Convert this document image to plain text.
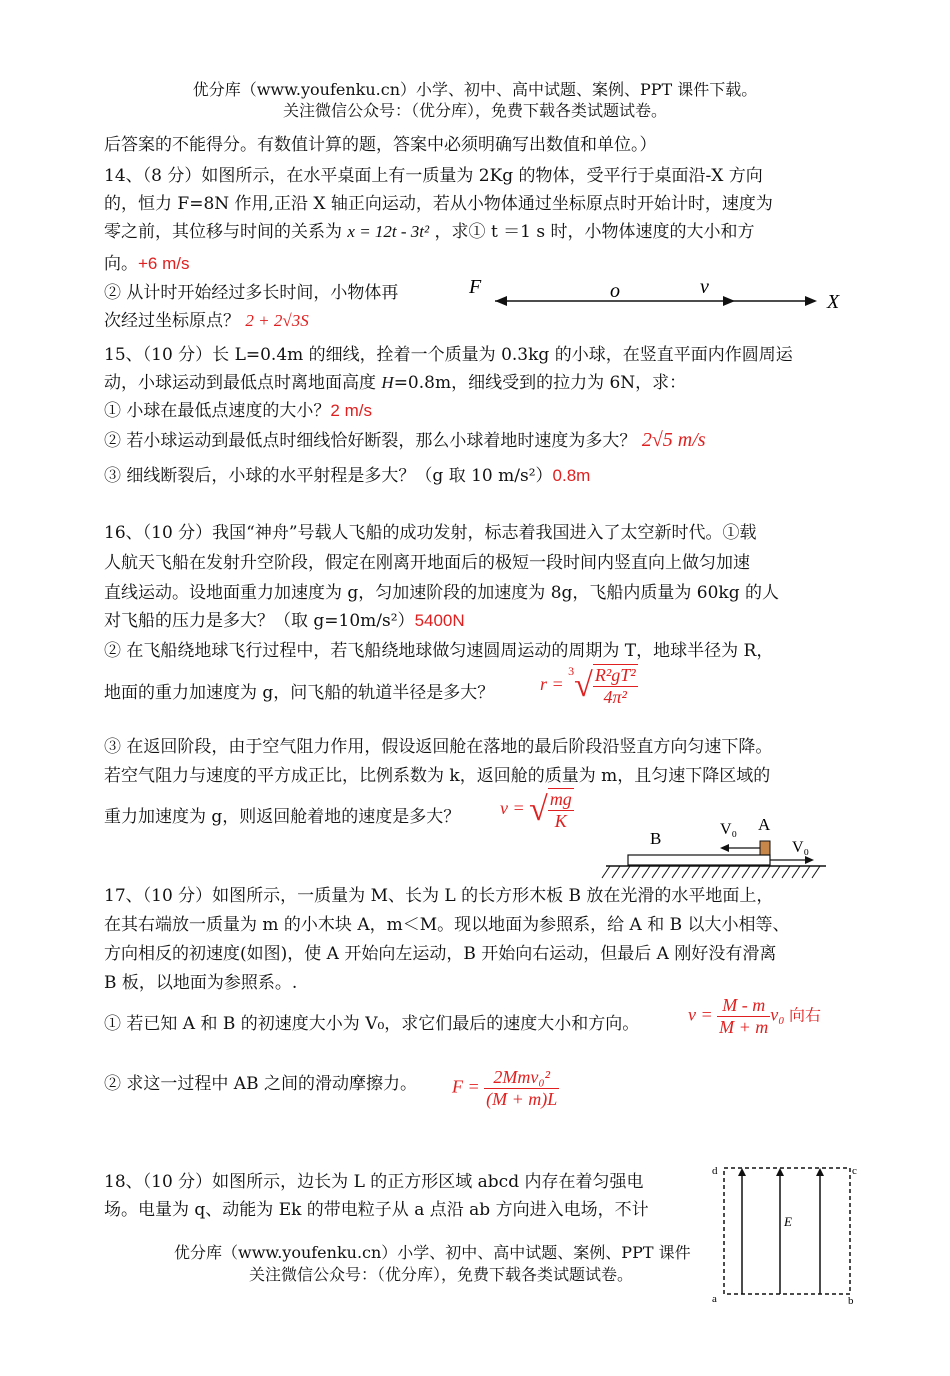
优分库（www.youfenku.cn）小学、初中、高中试题、案例、PPT 课件下载。
关注微信公众号：（优分库），免费下载各类试题试卷。
后答案的不能得分。有数值计算的题，答案中必须明确写出数值和单位。）
14、（8 分）如图所示，在水平桌面上有一质量为 2Kg 的物体，受平行于桌面沿-X 方向
的，恒力 F=8N 作用,正沿 X 轴正向运动，若从小物体通过坐标原点时开始计时，速度为
零之前，其位移与时间的关系为 x = 12t - 3t² ，求① t ＝1 s 时，小物体速度的大小和方
向。+6 m/s
② 从计时开始经过多长时间，小物体再
次经过坐标原点？ 2 + 2√3S
F	o	v
X
15、（10 分）长 L=0.4m 的细线，拴着一个质量为 0.3kg 的小球，在竖直平面内作圆周运
动，小球运动到最低点时离地面高度 H=0.8m，细线受到的拉力为 6N，求：
① 小球在最低点速度的大小？2 m/s
② 若小球运动到最低点时细线恰好断裂，那么小球着地时速度为多大？ 2√5 m/s
③ 细线断裂后，小球的水平射程是多大？（g 取 10 m/s²）0.8m
16、（10 分）我国“神舟”号载人飞船的成功发射，标志着我国进入了太空新时代。①载
人航天飞船在发射升空阶段，假定在刚离开地面后的极短一段时间内竖直向上做匀加速
直线运动。设地面重力加速度为 g，匀加速阶段的加速度为 8g，飞船内质量为 60kg 的人
对飞船的压力是多大？（取 g=10m/s²）5400N
② 在飞船绕地球飞行过程中，若飞船绕地球做匀速圆周运动的周期为 T，地球半径为 R，
地面的重力加速度为 g，问飞船的轨道半径是多大？	$r = ^3√ \frac{\text{R²gT²}}{\text{4π²}}$
③ 在返回阶段，由于空气阻力作用，假设返回舱在落地的最后阶段沿竖直方向匀速下降。
若空气阻力与速度的平方成正比，比例系数为 k，返回舱的质量为 m，且匀速下降区域的
重力加速度为 g，则返回舱着地的速度是多大？ v = √ $\frac{mg}{K}$
B	V₀ A
V₀
17、（10 分）如图所示，一质量为 M、长为 L 的长方形木板 B 放在光滑的水平地面上，
在其右端放一质量为 m 的小木块 A，m＜M。现以地面为参照系，给 A 和 B 以大小相等、
方向相反的初速度(如图)，使 A 开始向左运动，B 开始向右运动，但最后 A 刚好没有滑离
B 板，以地面为参照系。.
① 若已知 A 和 B 的初速度大小为 V₀，求它们最后的速度大小和方向。	$v = \frac{M - m}{M + m} v_0$ 向右
② 求这一过程中 AB 之间的滑动摩擦力。 $F = \frac{\text{2Mmv₀²}}{(M + m)L}$
18、（10 分）如图所示，边长为 L 的正方形区域 abcd 内存在着匀强电
场。电量为 q、动能为 Ek 的带电粒子从 a 点沿 ab 方向进入电场，不计
E
d	c
a	b
优分库（www.youfenku.cn）小学、初中、高中试题、案例、PPT 课件
关注微信公众号：（优分库），免费下载各类试题试卷。
